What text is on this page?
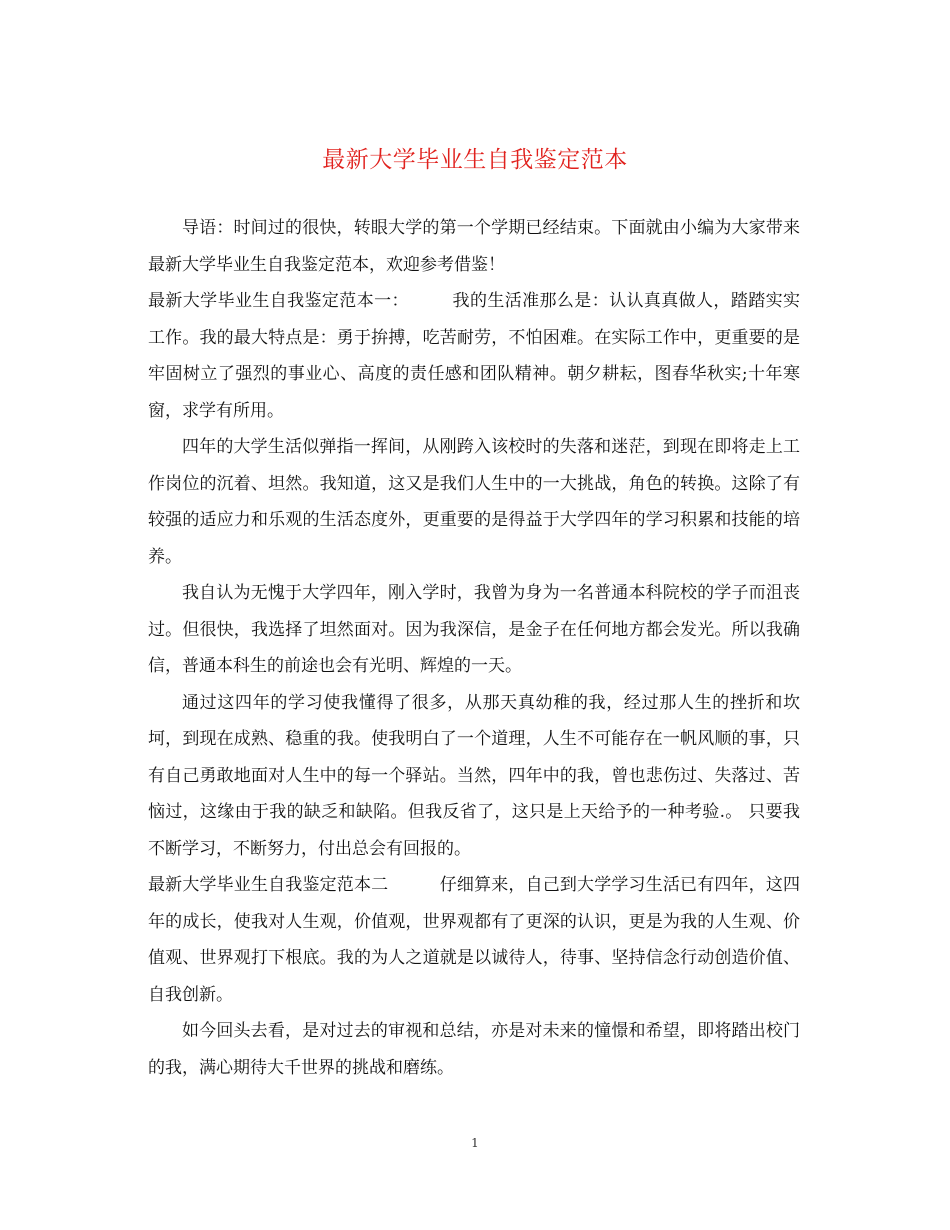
最新大学毕业生自我鉴定范本

导语：时间过的很快，转眼大学的第一个学期已经结束。下面就由小编为大家带来最新大学毕业生自我鉴定范本，欢迎参考借鉴！

最新大学毕业生自我鉴定范本一：　　　我的生活准那么是：认认真真做人，踏踏实实工作。我的最大特点是：勇于拚搏，吃苦耐劳，不怕困难。在实际工作中，更重要的是牢固树立了强烈的事业心、高度的责任感和团队精神。朝夕耕耘，图春华秋实;十年寒窗，求学有所用。

四年的大学生活似弹指一挥间，从刚跨入该校时的失落和迷茫，到现在即将走上工作岗位的沉着、坦然。我知道，这又是我们人生中的一大挑战，角色的转换。这除了有较强的适应力和乐观的生活态度外，更重要的是得益于大学四年的学习积累和技能的培养。

我自认为无愧于大学四年，刚入学时，我曾为身为一名普通本科院校的学子而沮丧过。但很快，我选择了坦然面对。因为我深信，是金子在任何地方都会发光。所以我确信，普通本科生的前途也会有光明、辉煌的一天。

通过这四年的学习使我懂得了很多，从那天真幼稚的我，经过那人生的挫折和坎坷，到现在成熟、稳重的我。使我明白了一个道理，人生不可能存在一帆风顺的事，只有自己勇敢地面对人生中的每一个驿站。当然，四年中的我，曾也悲伤过、失落过、苦恼过，这缘由于我的缺乏和缺陷。但我反省了，这只是上天给予的一种考验.。 只要我不断学习，不断努力，付出总会有回报的。

最新大学毕业生自我鉴定范本二　　　仔细算来，自己到大学学习生活已有四年，这四年的成长，使我对人生观，价值观，世界观都有了更深的认识，更是为我的人生观、价值观、世界观打下根底。我的为人之道就是以诚待人，待事、坚持信念行动创造价值、自我创新。

如今回头去看，是对过去的审视和总结，亦是对未来的憧憬和希望，即将踏出校门的我，满心期待大千世界的挑战和磨练。

1
